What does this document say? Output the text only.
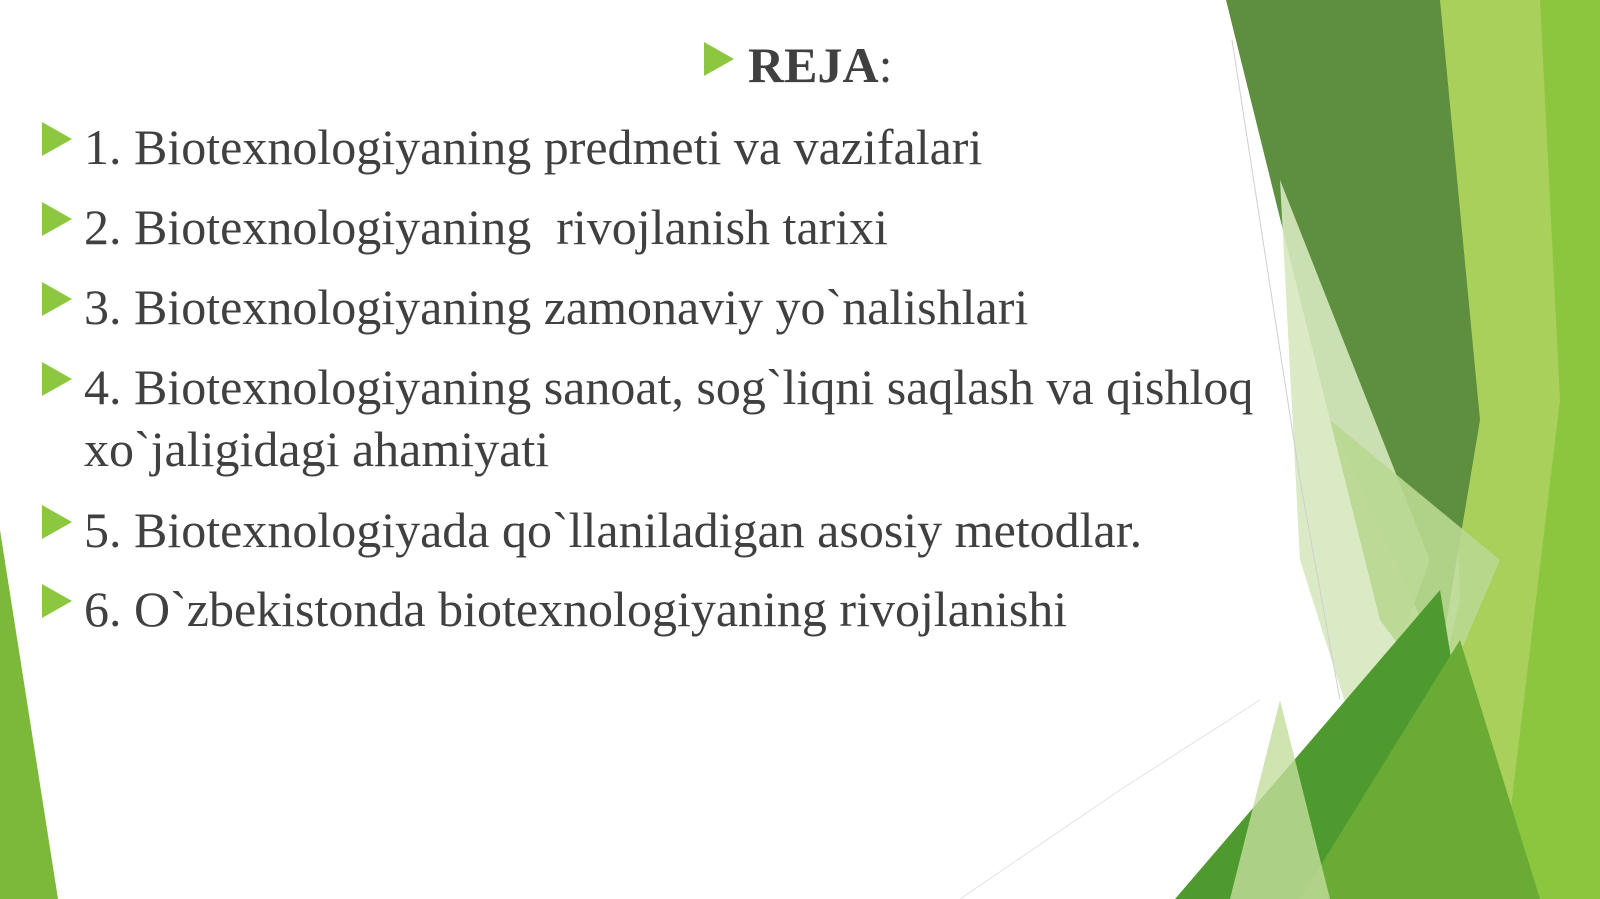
REJA:
1. Biotexnologiyaning predmeti va vazifalari
2. Biotexnologiyaning  rivojlanish tarixi
3. Biotexnologiyaning zamonaviy yo`nalishlari
4. Biotexnologiyaning sanoat, sog`liqni saqlash va qishloq
xo`jaligidagi ahamiyati
5. Biotexnologiyada qo`llaniladigan asosiy metodlar.
6. O`zbekistonda biotexnologiyaning rivojlanishi
